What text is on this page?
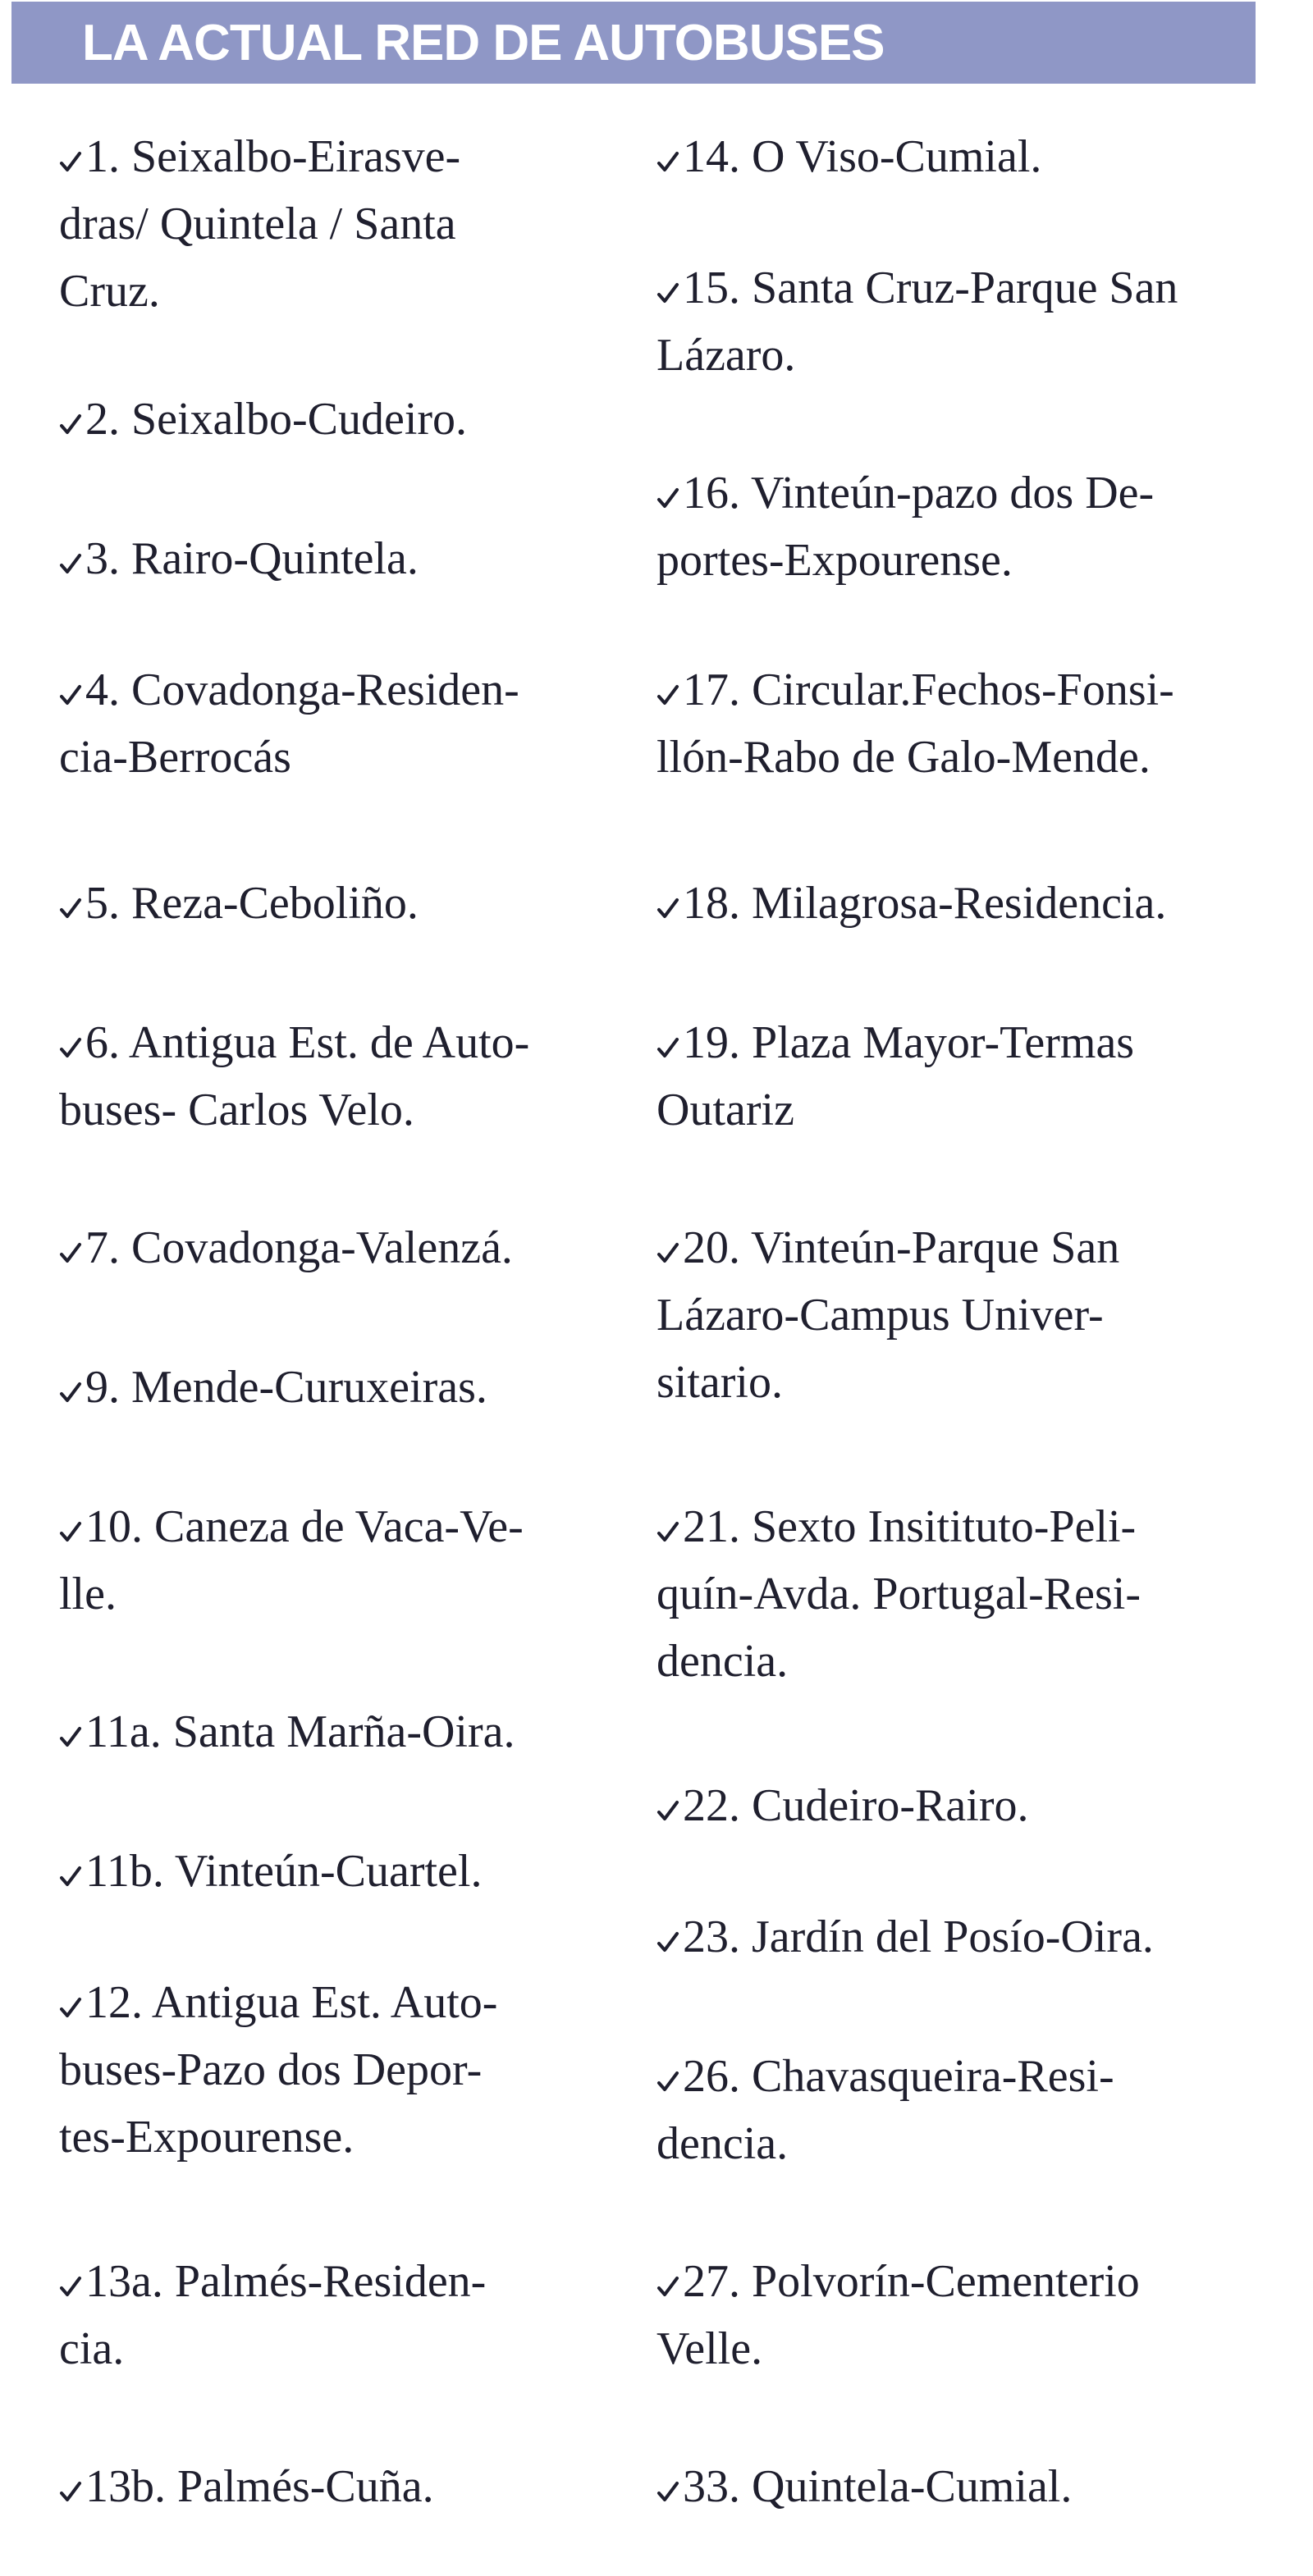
LA ACTUAL RED DE AUTOBUSES
1. Seixalbo-Eirasve-
dras/ Quintela / Santa
Cruz.
2. Seixalbo-Cudeiro.
3. Rairo-Quintela.
4. Covadonga-Residen-
cia-Berrocás
5. Reza-Ceboliño.
6. Antigua Est. de Auto-
buses- Carlos Velo.
7. Covadonga-Valenzá.
9. Mende-Curuxeiras.
10. Caneza de Vaca-Ve-
lle.
11a. Santa Marña-Oira.
11b. Vinteún-Cuartel.
12. Antigua Est. Auto-
buses-Pazo dos Depor-
tes-Expourense.
13a. Palmés-Residen-
cia.
13b. Palmés-Cuña.
14. O Viso-Cumial.
15. Santa Cruz-Parque San
Lázaro.
16. Vinteún-pazo dos De-
portes-Expourense.
17. Circular.Fechos-Fonsi-
llón-Rabo de Galo-Mende.
18. Milagrosa-Residencia.
19. Plaza Mayor-Termas
Outariz
20. Vinteún-Parque San
Lázaro-Campus Univer-
sitario.
21. Sexto Insitituto-Peli-
quín-Avda. Portugal-Resi-
dencia.
22. Cudeiro-Rairo.
23. Jardín del Posío-Oira.
26. Chavasqueira-Resi-
dencia.
27. Polvorín-Cementerio
Velle.
33. Quintela-Cumial.
